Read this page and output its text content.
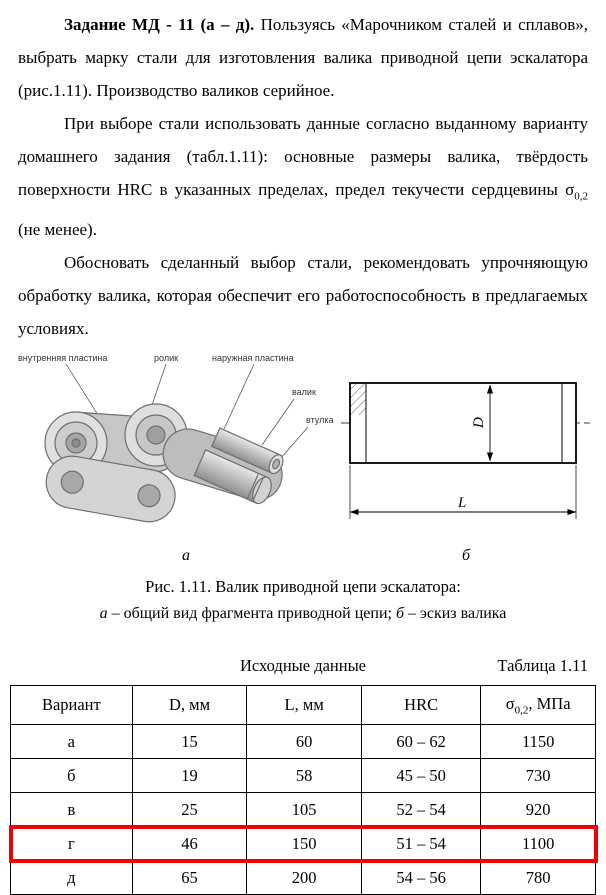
Задание МД - 11 (а – д). Пользуясь «Марочником сталей и сплавов», выбрать марку стали для изготовления валика приводной цепи эскалатора (рис.1.11). Производство валиков серийное.

При выборе стали использовать данные согласно выданному варианту домашнего задания (табл.1.11): основные размеры валика, твёрдость поверхности HRC в указанных пределах, предел текучести сердцевины $\sigma_{0,2}$ (не менее).

Обосновать сделанный выбор стали, рекомендовать упрочняющую обработку валика, которая обеспечит его работоспособность в предлагаемых условиях.

внутренняя пластина	ролик	наружная пластина
валик
втулка	D
L
а	б
Рис. 1.11. Валик приводной цепи эскалатора:
а – общий вид фрагмента приводной цепи; б – эскиз валика
Исходные данные	Таблица 1.11
Вариант	D, мм	L, мм	HRC	$\sigma_{0,2}$, МПа
а	15	60	60 – 62	1150
б	19	58	45 – 50	730
в	25	105	52 – 54	920
г	46	150	51 – 54	1100
д	65	200	54 – 56	780
